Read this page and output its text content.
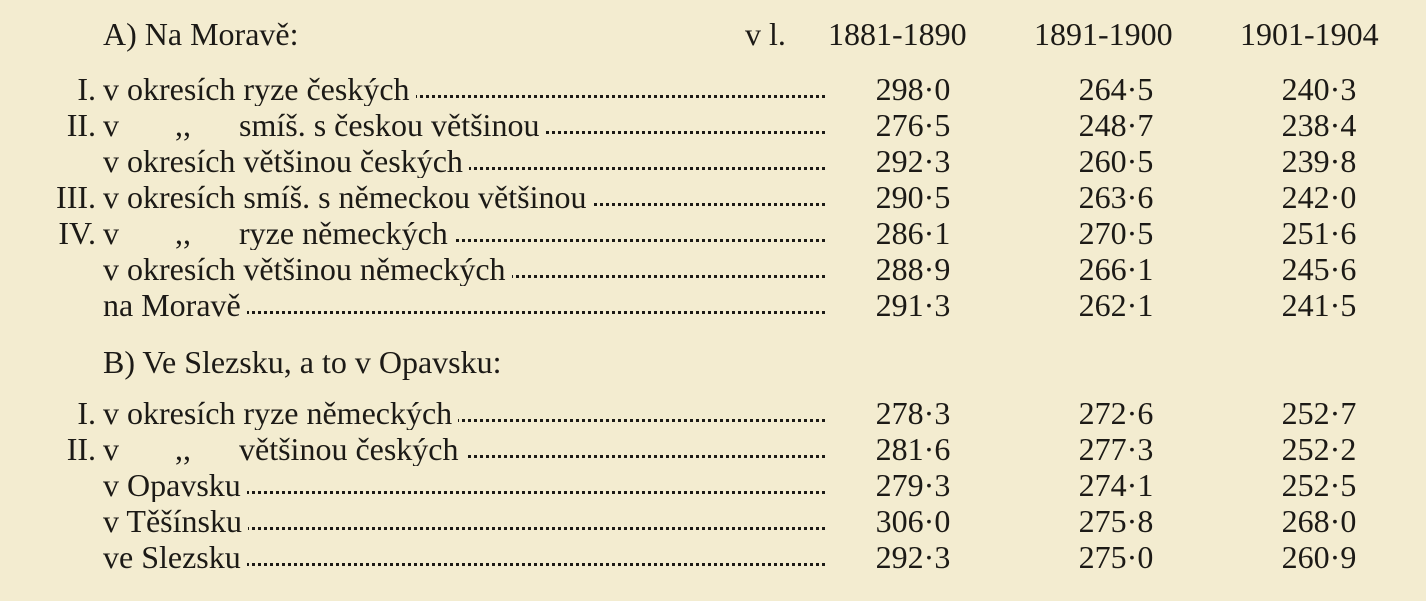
A) Na Moravě:	v l. 1881-1890 1891-1900 1901-1904
I. v okresích ryze českých	298·0	264·5	240·3
II. v       ,,      smíš. s českou většinou	276·5	248·7	238·4
v okresích většinou českých	292·3	260·5	239·8
III. v okresích smíš. s německou většinou	290·5	263·6	242·0
IV. v       ,,      ryze německých	286·1	270·5	251·6
v okresích většinou německých	288·9	266·1	245·6
na Moravě	291·3	262·1	241·5
B) Ve Slezsku, a to v Opavsku:
I. v okresích ryze německých	278·3	272·6	252·7
II. v       ,,      většinou českých	281·6	277·3	252·2
v Opavsku	279·3	274·1	252·5
v Těšínsku	306·0	275·8	268·0
ve Slezsku	292·3	275·0	260·9
